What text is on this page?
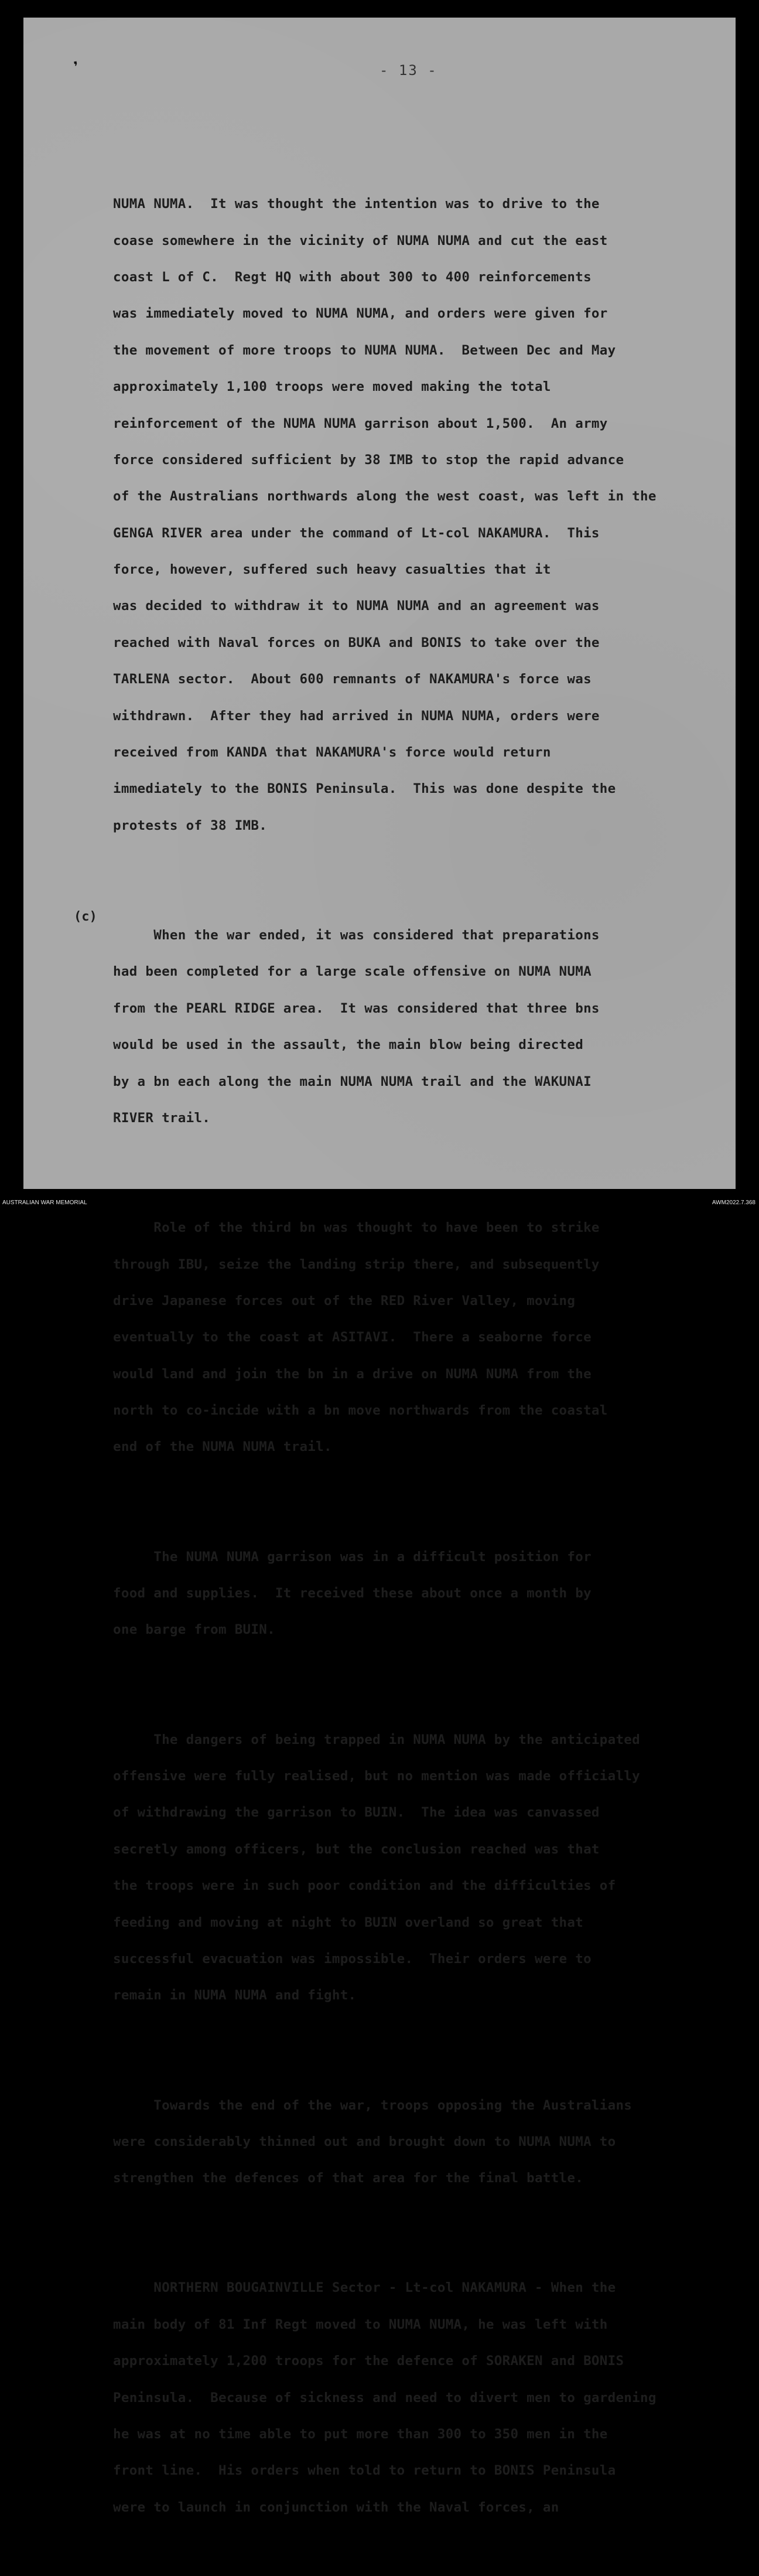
❜	- 13 -

NUMA NUMA.  It was thought the intention was to drive to the

coase somewhere in the vicinity of NUMA NUMA and cut the east

coast L of C.  Regt HQ with about 300 to 400 reinforcements

was immediately moved to NUMA NUMA, and orders were given for

the movement of more troops to NUMA NUMA.  Between Dec and May

approximately 1,100 troops were moved making the total

reinforcement of the NUMA NUMA garrison about 1,500.  An army

force considered sufficient by 38 IMB to stop the rapid advance

of the Australians northwards along the west coast, was left in the

GENGA RIVER area under the command of Lt-col NAKAMURA.  This

force, however, suffered such heavy casualties that it

was decided to withdraw it to NUMA NUMA and an agreement was

reached with Naval forces on BUKA and BONIS to take over the

TARLENA sector.  About 600 remnants of NAKAMURA's force was

withdrawn.  After they had arrived in NUMA NUMA, orders were

received from KANDA that NAKAMURA's force would return

immediately to the BONIS Peninsula.  This was done despite the

protests of 38 IMB.

When the war ended, it was considered that preparations

had been completed for a large scale offensive on NUMA NUMA

from the PEARL RIDGE area.  It was considered that three bns

would be used in the assault, the main blow being directed

by a bn each along the main NUMA NUMA trail and the WAKUNAI

RIVER trail.

Role of the third bn was thought to have been to strike

through IBU, seize the landing strip there, and subsequently

drive Japanese forces out of the RED River Valley, moving

eventually to the coast at ASITAVI.  There a seaborne force

would land and join the bn in a drive on NUMA NUMA from the

north to co-incide with a bn move northwards from the coastal

end of the NUMA NUMA trail.

The NUMA NUMA garrison was in a difficult position for

food and supplies.  It received these about once a month by

one barge from BUIN.

The dangers of being trapped in NUMA NUMA by the anticipated

offensive were fully realised, but no mention was made officially

of withdrawing the garrison to BUIN.  The idea was canvassed

secretly among officers, but the conclusion reached was that

the troops were in such poor condition and the difficulties of

feeding and moving at night to BUIN overland so great that

successful evacuation was impossible.  Their orders were to

remain in NUMA NUMA and fight.

Towards the end of the war, troops opposing the Australians

were considerably thinned out and brought down to NUMA NUMA to

strengthen the defences of that area for the final battle.

NORTHERN BOUGAINVILLE Sector - Lt-col NAKAMURA - When the

main body of 81 Inf Regt moved to NUMA NUMA, he was left with

approximately 1,200 troops for the defence of SORAKEN and BONIS

Peninsula.  Because of sickness and need to divert men to gardening

he was at no time able to put more than 300 to 350 men in the

front line.  His orders when told to return to BONIS Peninsula

were to launch in conjunction with the Naval forces, an

(c)
AUSTRALIAN WAR MEMORIAL	AWM2022.7.368
